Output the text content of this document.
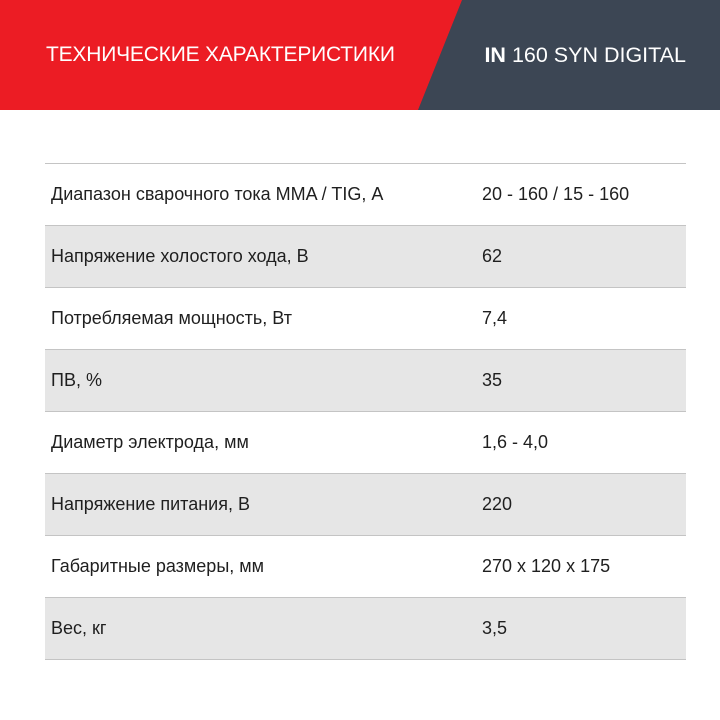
ТЕХНИЧЕСКИЕ ХАРАКТЕРИСТИКИ	IN 160 SYN DIGITAL
Диапазон сварочного тока MMA / TIG, А	20 - 160 / 15 - 160
Напряжение холостого хода, В	62
Потребляемая мощность, Вт	7,4
ПВ, %	35
Диаметр электрода, мм	1,6 - 4,0
Напряжение питания, В	220
Габаритные размеры, мм	270 x 120 x 175
Вес, кг	3,5
